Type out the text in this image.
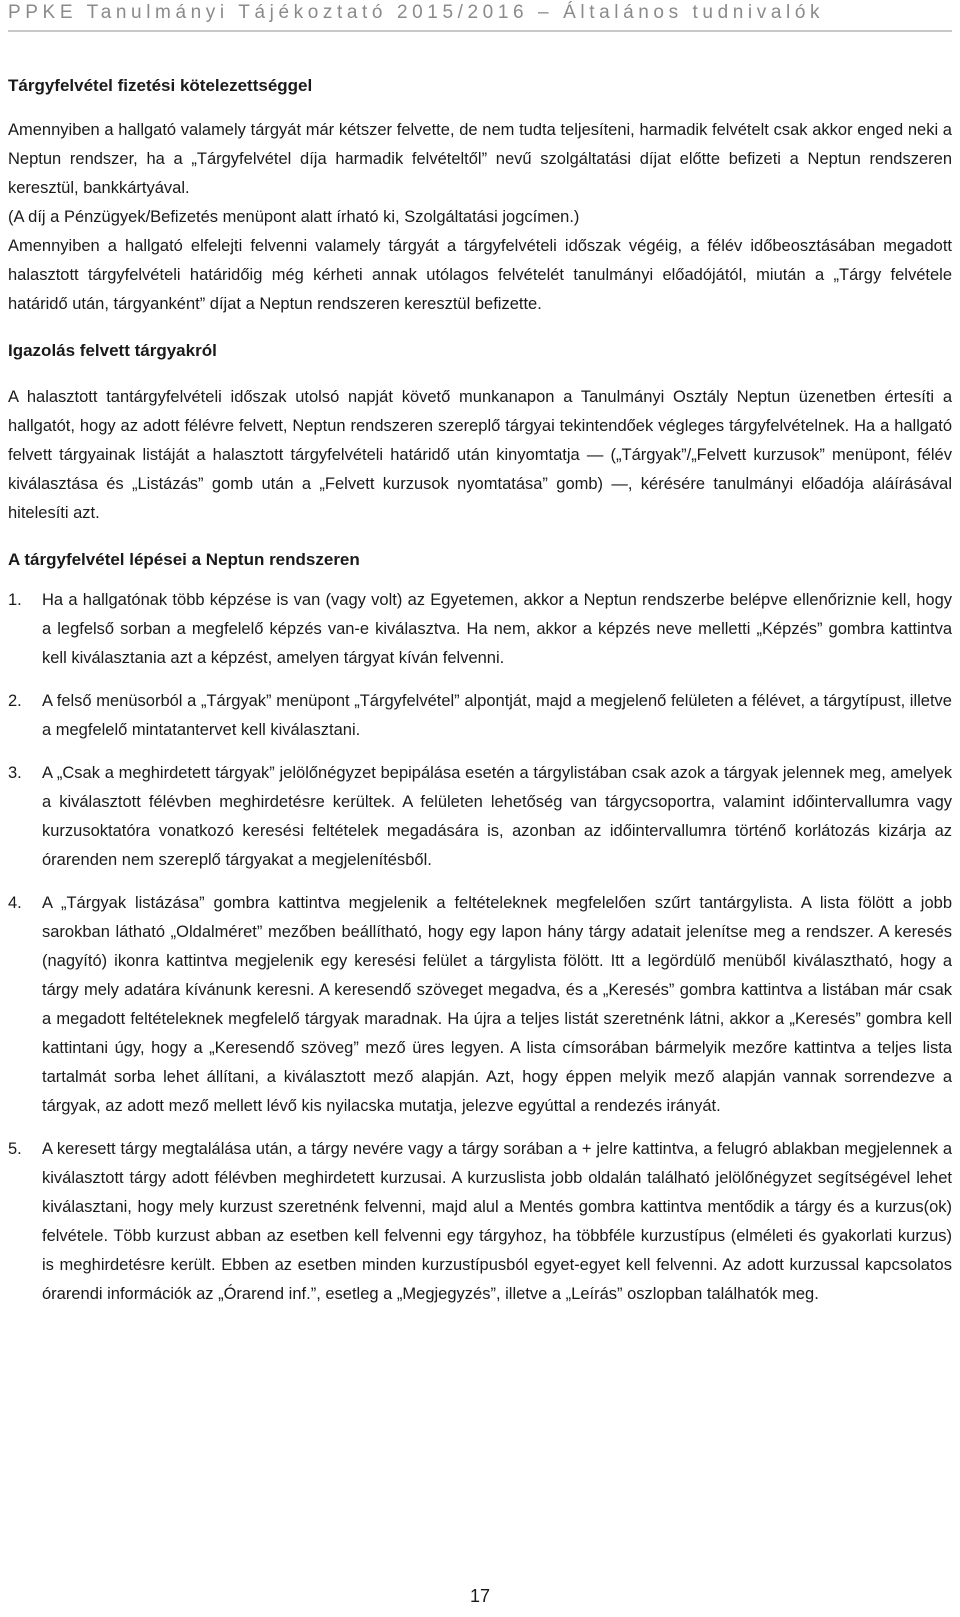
PPKE Tanulmányi Tájékoztató 2015/2016 – Általános tudnivalók
Tárgyfelvétel fizetési kötelezettséggel

Amennyiben a hallgató valamely tárgyát már kétszer felvette, de nem tudta teljesíteni, harmadik felvételt csak akkor enged neki a Neptun rendszer, ha a „Tárgyfelvétel díja harmadik felvételtől” nevű szolgáltatási díjat előtte befizeti a Neptun rendszeren keresztül, bankkártyával.

(A díj a Pénzügyek/Befizetés menüpont alatt írható ki, Szolgáltatási jogcímen.)

Amennyiben a hallgató elfelejti felvenni valamely tárgyát a tárgyfelvételi időszak végéig, a félév időbeosztásában megadott halasztott tárgyfelvételi határidőig még kérheti annak utólagos felvételét tanulmányi előadójától, miután a „Tárgy felvétele határidő után, tárgyanként” díjat a Neptun rendszeren keresztül befizette.

Igazolás felvett tárgyakról

A halasztott tantárgyfelvételi időszak utolsó napját követő munkanapon a Tanulmányi Osztály Neptun üzenetben értesíti a hallgatót, hogy az adott félévre felvett, Neptun rendszeren szereplő tárgyai tekintendőek végleges tárgyfelvételnek. Ha a hallgató felvett tárgyainak listáját a halasztott tárgyfelvételi határidő után kinyomtatja — („Tárgyak”/„Felvett kurzusok” menüpont, félév kiválasztása és „Listázás” gomb után a „Felvett kurzusok nyomtatása” gomb) —, kérésére tanulmányi előadója aláírásával hitelesíti azt.

A tárgyfelvétel lépései a Neptun rendszeren
1.	Ha a hallgatónak több képzése is van (vagy volt) az Egyetemen, akkor a Neptun rendszerbe belépve ellenőriznie kell, hogy a legfelső sorban a megfelelő képzés van-e kiválasztva. Ha nem, akkor a képzés neve melletti „Képzés” gombra kattintva kell kiválasztania azt a képzést, amelyen tárgyat kíván felvenni.
2.	A felső menüsorból a „Tárgyak” menüpont „Tárgyfelvétel” alpontját, majd a megjelenő felületen a félévet, a tárgytípust, illetve a megfelelő mintatantervet kell kiválasztani.
3.	A „Csak a meghirdetett tárgyak” jelölőnégyzet bepipálása esetén a tárgylistában csak azok a tárgyak jelennek meg, amelyek a kiválasztott félévben meghirdetésre kerültek. A felületen lehetőség van tárgycsoportra, valamint időintervallumra vagy kurzusoktatóra vonatkozó keresési feltételek megadására is, azonban az időintervallumra történő korlátozás kizárja az órarenden nem szereplő tárgyakat a megjelenítésből.
4.	A „Tárgyak listázása” gombra kattintva megjelenik a feltételeknek megfelelően szűrt tantárgylista. A lista fölött a jobb sarokban látható „Oldalméret” mezőben beállítható, hogy egy lapon hány tárgy adatait jelenítse meg a rendszer. A keresés (nagyító) ikonra kattintva megjelenik egy keresési felület a tárgylista fölött. Itt a legördülő menüből kiválasztható, hogy a tárgy mely adatára kívánunk keresni. A keresendő szöveget megadva, és a „Keresés” gombra kattintva a listában már csak a megadott feltételeknek megfelelő tárgyak maradnak. Ha újra a teljes listát szeretnénk látni, akkor a „Keresés” gombra kell kattintani úgy, hogy a „Keresendő szöveg” mező üres legyen. A lista címsorában bármelyik mezőre kattintva a teljes lista tartalmát sorba lehet állítani, a kiválasztott mező alapján. Azt, hogy éppen melyik mező alapján vannak sorrendezve a tárgyak, az adott mező mellett lévő kis nyilacska mutatja, jelezve egyúttal a rendezés irányát.
5.	A keresett tárgy megtalálása után, a tárgy nevére vagy a tárgy sorában a + jelre kattintva, a felugró ablakban megjelennek a kiválasztott tárgy adott félévben meghirdetett kurzusai. A kurzuslista jobb oldalán található jelölőnégyzet segítségével lehet kiválasztani, hogy mely kurzust szeretnénk felvenni, majd alul a Mentés gombra kattintva mentődik a tárgy és a kurzus(ok) felvétele. Több kurzust abban az esetben kell felvenni egy tárgyhoz, ha többféle kurzustípus (elméleti és gyakorlati kurzus) is meghirdetésre került. Ebben az esetben minden kurzustípusból egyet-egyet kell felvenni. Az adott kurzussal kapcsolatos órarendi információk az „Órarend inf.”, esetleg a „Megjegyzés”, illetve a „Leírás” oszlopban találhatók meg.
17
